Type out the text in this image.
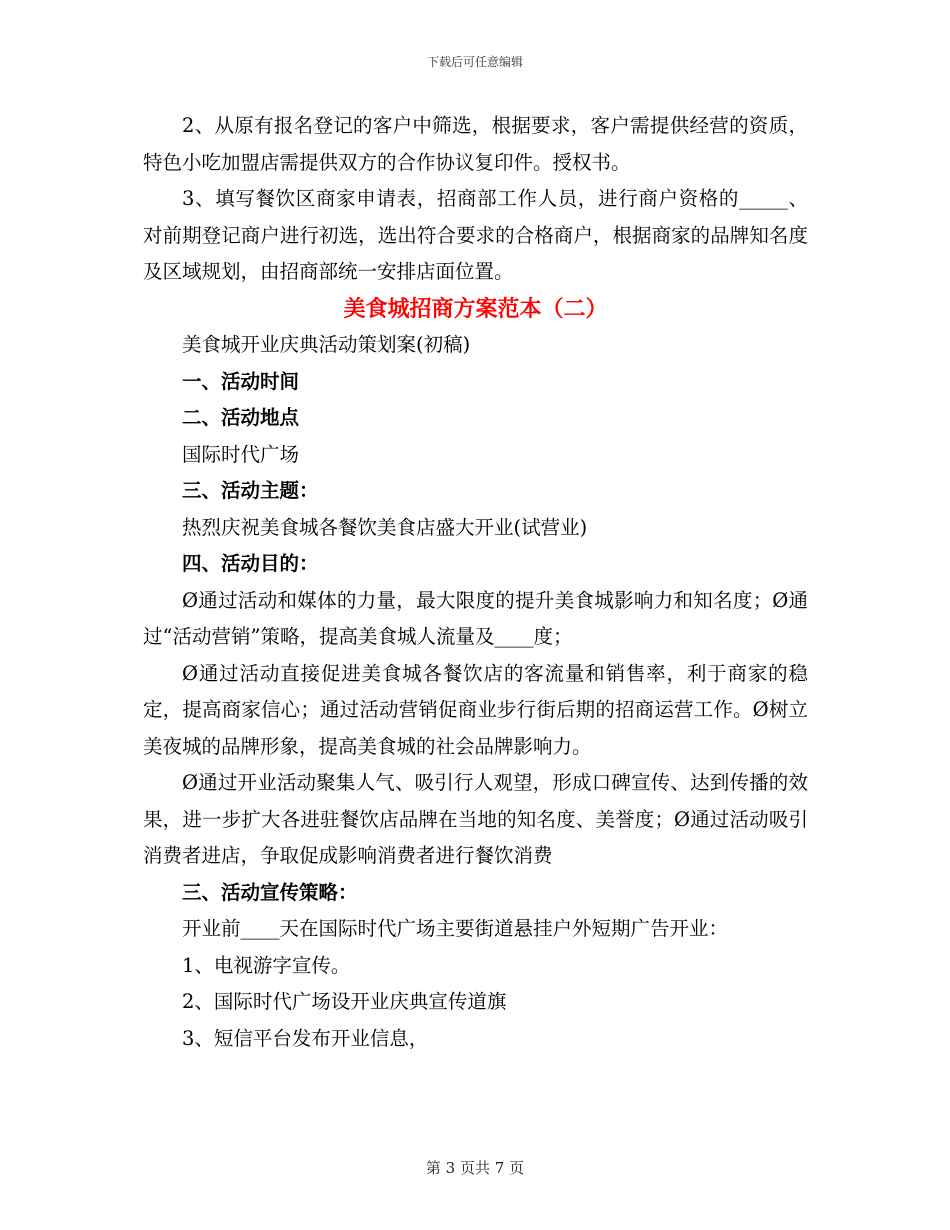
下载后可任意编辑

2、从原有报名登记的客户中筛选，根据要求，客户需提供经营的资质，特色小吃加盟店需提供双方的合作协议复印件。授权书。

3、填写餐饮区商家申请表，招商部工作人员，进行商户资格的_____、对前期登记商户进行初选，选出符合要求的合格商户，根据商家的品牌知名度及区域规划，由招商部统一安排店面位置。

美食城招商方案范本（二）

美食城开业庆典活动策划案(初稿)

一、活动时间

二、活动地点

国际时代广场

三、活动主题：

热烈庆祝美食城各餐饮美食店盛大开业(试营业)

四、活动目的：

Ø通过活动和媒体的力量，最大限度的提升美食城影响力和知名度；Ø通过“活动营销”策略，提高美食城人流量及____度；

Ø通过活动直接促进美食城各餐饮店的客流量和销售率，利于商家的稳定，提高商家信心；通过活动营销促商业步行街后期的招商运营工作。Ø树立美夜城的品牌形象，提高美食城的社会品牌影响力。

Ø通过开业活动聚集人气、吸引行人观望，形成口碑宣传、达到传播的效果，进一步扩大各进驻餐饮店品牌在当地的知名度、美誉度；Ø通过活动吸引消费者进店，争取促成影响消费者进行餐饮消费

三、活动宣传策略：

开业前____天在国际时代广场主要街道悬挂户外短期广告开业：

1、电视游字宣传。

2、国际时代广场设开业庆典宣传道旗

3、短信平台发布开业信息，

第 3 页共 7 页
